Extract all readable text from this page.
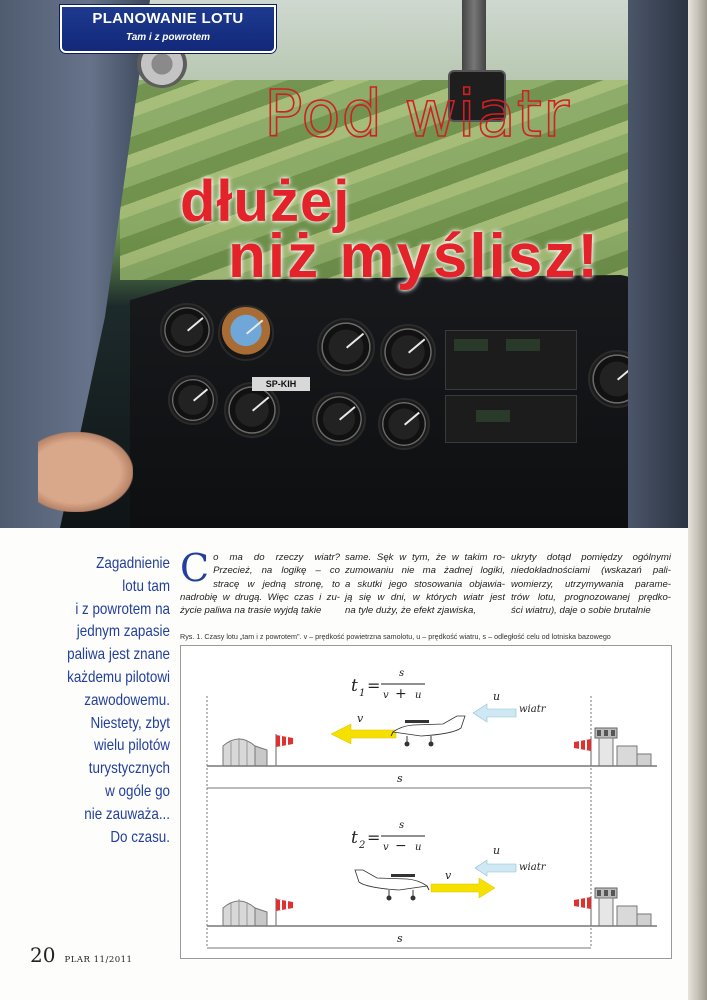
SP-KIH
PLANOWANIE LOTU
Tam i z powrotem
Pod wiatr
dłużej
niż myślisz!
Zagadnienie
lotu tam
i z powrotem na
jednym zapasie
paliwa jest znane
każdemu pilotowi
zawodowemu.
Niestety, zbyt
wielu pilotów
turystycznych
w ogóle go
nie zauważa...
Do czasu.
C o ma do rzeczy wiatr?
Przecież, na logikę – co
stracę w jedną stronę, to
nadrobię w drugą. Więc czas i zu-
życie paliwa na trasie wyjdą takie
same. Sęk w tym, że w takim ro-
zumowaniu nie ma żadnej logiki,
a skutki jego stosowania objawia-
ją się w dni, w których wiatr jest
na tyle duży, że efekt zjawiska,
ukryty dotąd pomiędzy ogólnymi
niedokładnościami (wskazań pali-
womierzy, utrzymywania parame-
trów lotu, prognozowanej prędko-
ści wiatru), daje o sobie brutalnie
Rys. 1. Czasy lotu „tam i z powrotem". v – prędkość powietrzna samolotu, u – prędkość wiatru, s – odległość celu od lotniska bazowego
t 1 =
s
v + u
v
u
wiatr
s
t 2 =
s
v − u
v
u
wiatr
s
20 PLAR 11/2011
